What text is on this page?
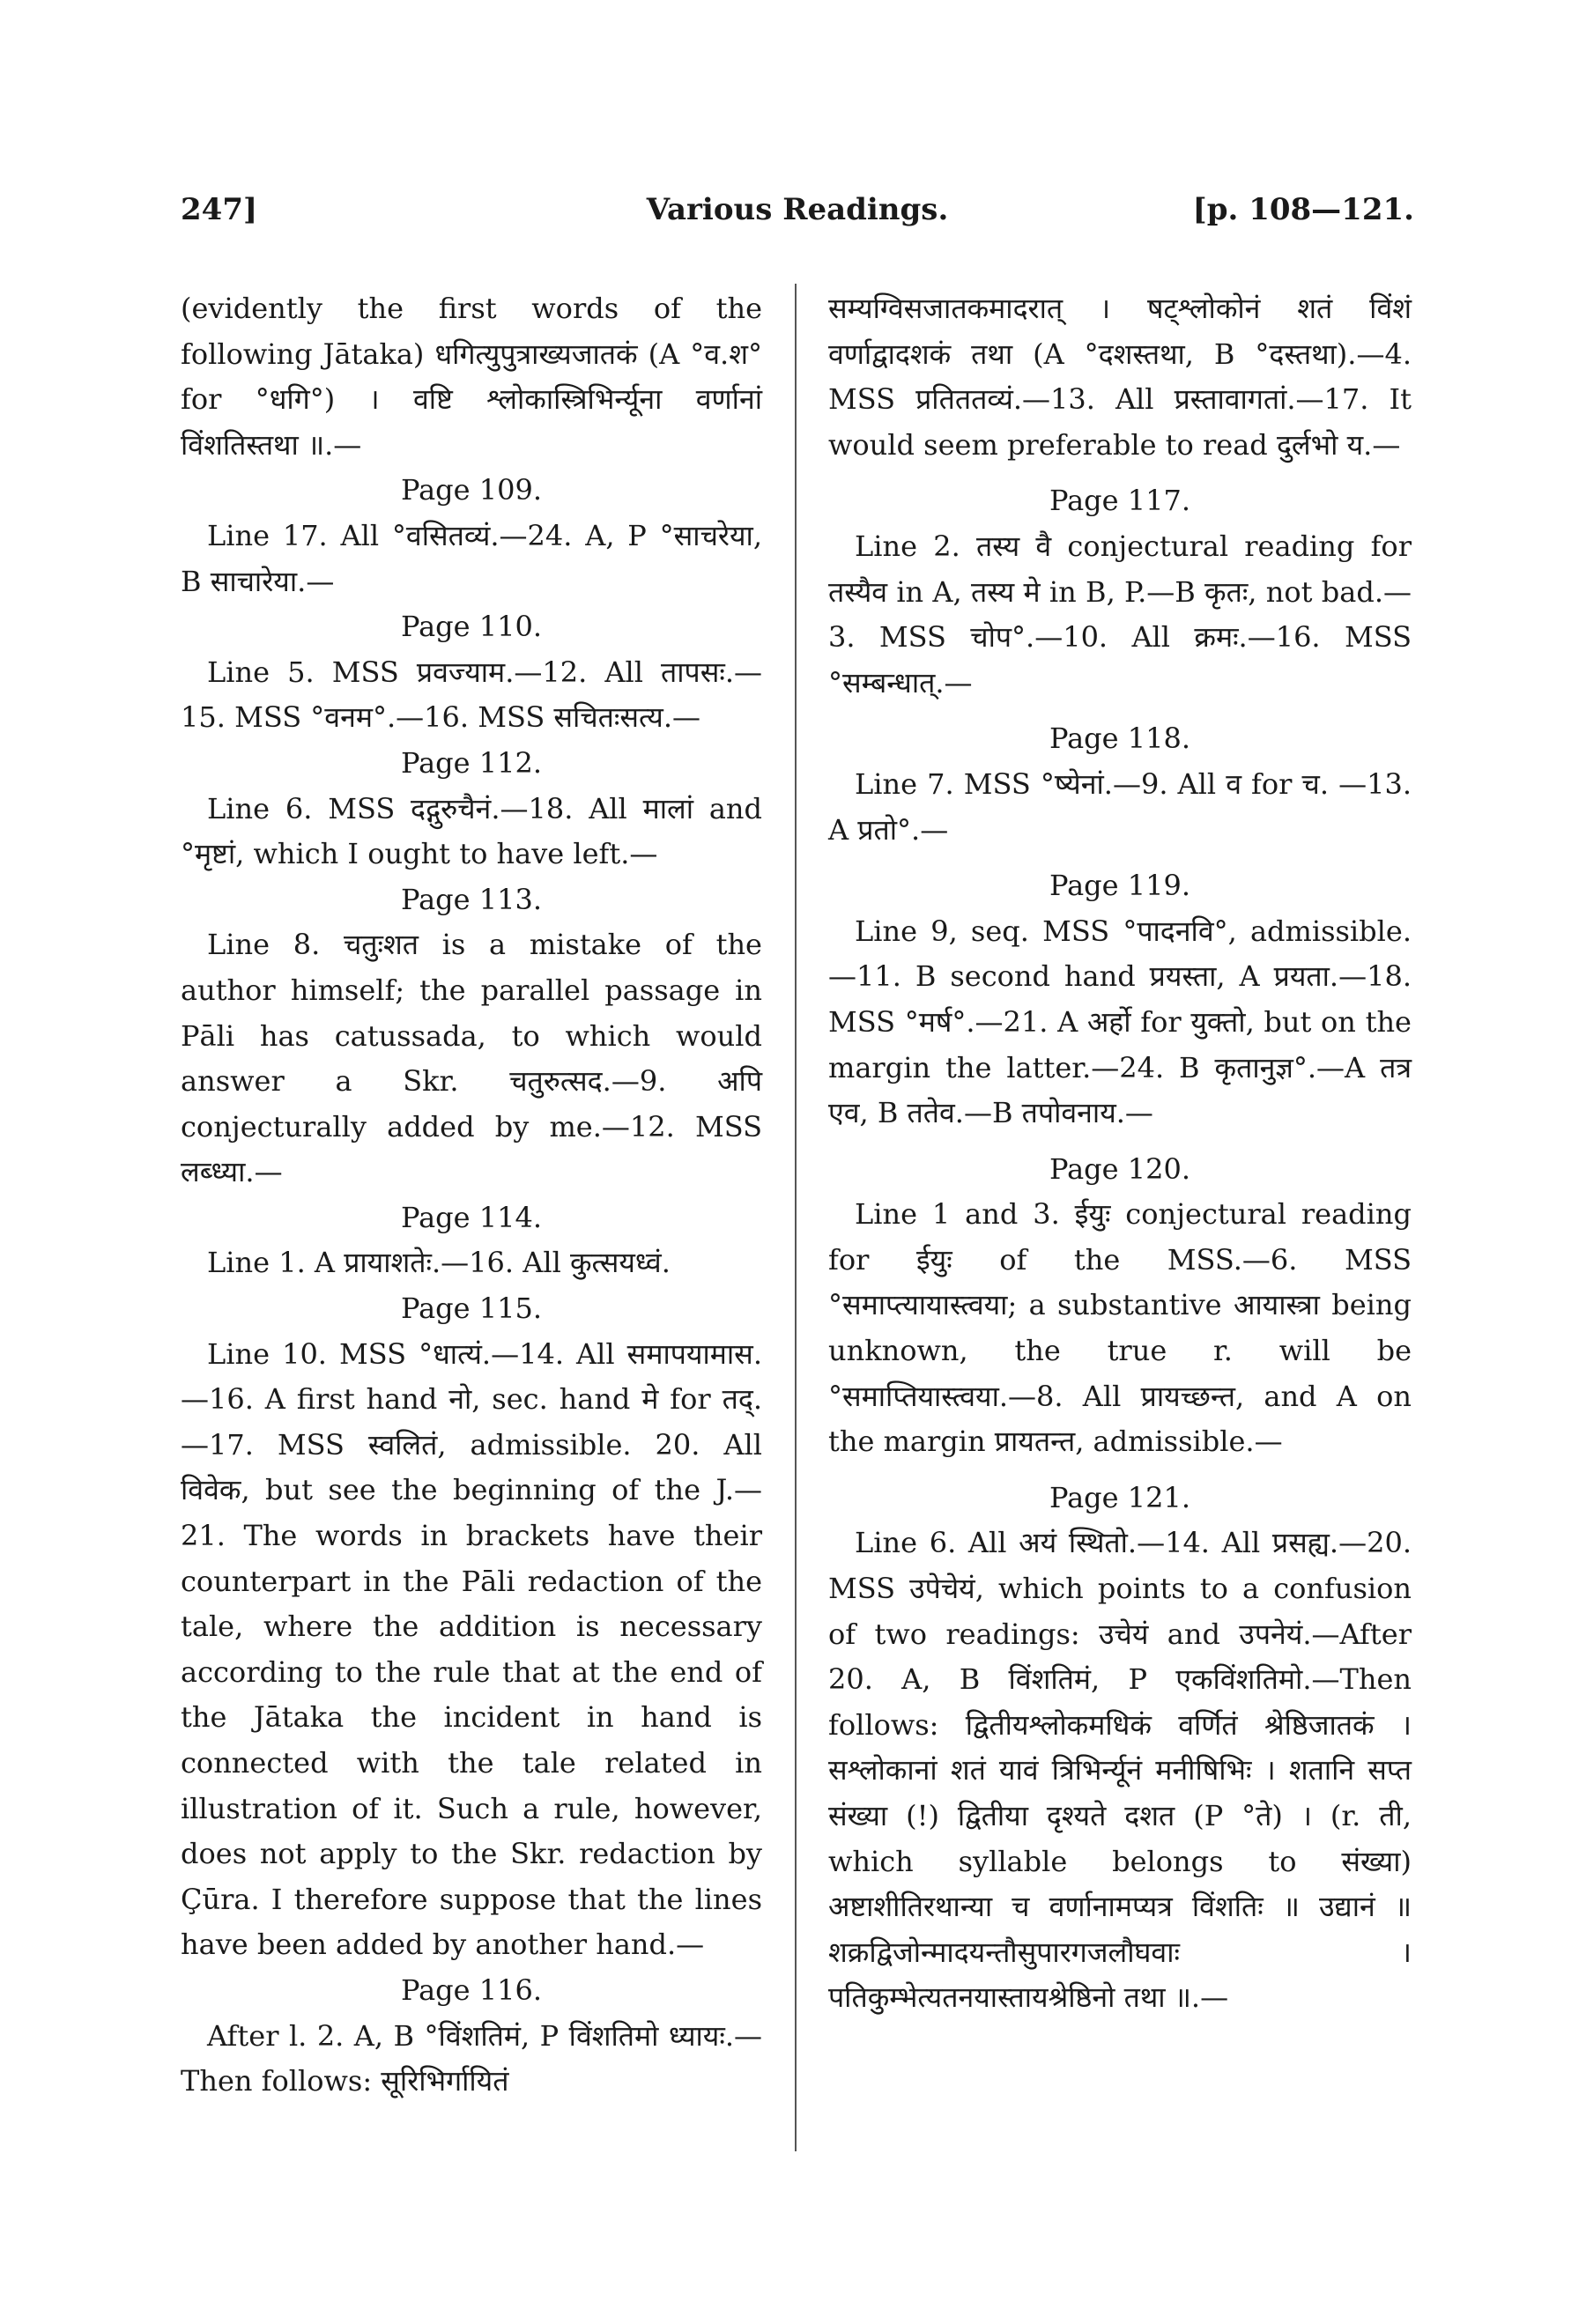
247]	Various Readings.	[p. 108—121.

(evidently the first words of the following Jātaka) धगित्युपुत्राख्यजातकं (A °व.श° for °धगि°) । वष्टि श्लोकास्त्रिभिर्न्यूना वर्णानां विंशतिस्तथा ॥.—

Page 109.

Line 17. All °वसितव्यं.—24. A, P °साचरेया, B साचारेया.—

Page 110.

Line 5. MSS प्रवज्याम.—12. All तापसः.—15. MSS °वनम°.—16. MSS सचितःसत्य.—

Page 112.

Line 6. MSS दद्गुरुचैनं.—18. All मालां and °मृष्टां, which I ought to have left.—

Page 113.

Line 8. चतुःशत is a mistake of the author himself; the parallel passage in Pāli has catussada, to which would answer a Skr. चतुरुत्सद.—9. अपि conjecturally added by me.—12. MSS लब्ध्या.—

Page 114.

Line 1. A प्रायाशतेः.—16. All कुत्सयध्वं.

Page 115.

Line 10. MSS °धात्यं.—14. All समापयामास.—16. A first hand नो, sec. hand मे for तद्.—17. MSS स्वलितं, admissible. 20. All विवेक, but see the beginning of the J.—21. The words in brackets have their counterpart in the Pāli redaction of the tale, where the addition is necessary according to the rule that at the end of the Jātaka the incident in hand is connected with the tale related in illustration of it. Such a rule, however, does not apply to the Skr. redaction by Çūra. I therefore suppose that the lines have been added by another hand.—

Page 116.

After l. 2. A, B °विंशतिमं, P विंशतिमो ध्यायः.—Then follows: सूरिभिर्गायितं

सम्यग्विसजातकमादरात् । षट्श्लोकोनं शतं विंशं वर्णाद्वादशकं तथा (A °दशस्तथा, B °दस्तथा).—4. MSS प्रतिततव्यं.—13. All प्रस्तावागतां.—17. It would seem preferable to read दुर्लभो य.—

Page 117.

Line 2. तस्य वै conjectural reading for तस्यैव in A, तस्य मे in B, P.—B कृतः, not bad.—3. MSS चोप°.—10. All क्रमः.—16. MSS °सम्बन्धात्.—

Page 118.

Line 7. MSS °ष्येनां.—9. All व for च. —13. A प्रतो°.—

Page 119.

Line 9, seq. MSS °पादनवि°, admissible. —11. B second hand प्रयस्ता, A प्रयता.—18. MSS °मर्ष°.—21. A अर्हो for युक्तो, but on the margin the latter.—24. B कृतानुज्ञ°.—A तत्र एव, B ततेव.—B तपोवनाय.—

Page 120.

Line 1 and 3. ईयुः conjectural reading for ईयुः of the MSS.—6. MSS °समाप्त्यायास्त्वया; a substantive आयास्त्रा being unknown, the true r. will be °समाप्तियास्त्वया.—8. All प्रायच्छन्त, and A on the margin प्रायतन्त, admissible.—

Page 121.

Line 6. All अयं स्थितो.—14. All प्रसह्य.—20. MSS उपेचेयं, which points to a confusion of two readings: उचेयं and उपनेयं.—After 20. A, B विंशतिमं, P एकविंशतिमो.—Then follows: द्वितीयश्लोकमधिकं वर्णितं श्रेष्ठिजातकं । सश्लोकानां शतं यावं त्रिभिर्न्यूनं मनीषिभिः । शतानि सप्त संख्या (!) द्वितीया दृश्यते दशत (P °ते) । (r. ती, which syllable belongs to संख्या) अष्टाशीतिरथान्या च वर्णानामप्यत्र विंशतिः ॥ उद्यानं ॥ शक्रद्विजोन्मादयन्तौसुपारगजलौघवाः । पतिकुम्भेत्यतनयास्तायश्रेष्ठिनो तथा ॥.—
